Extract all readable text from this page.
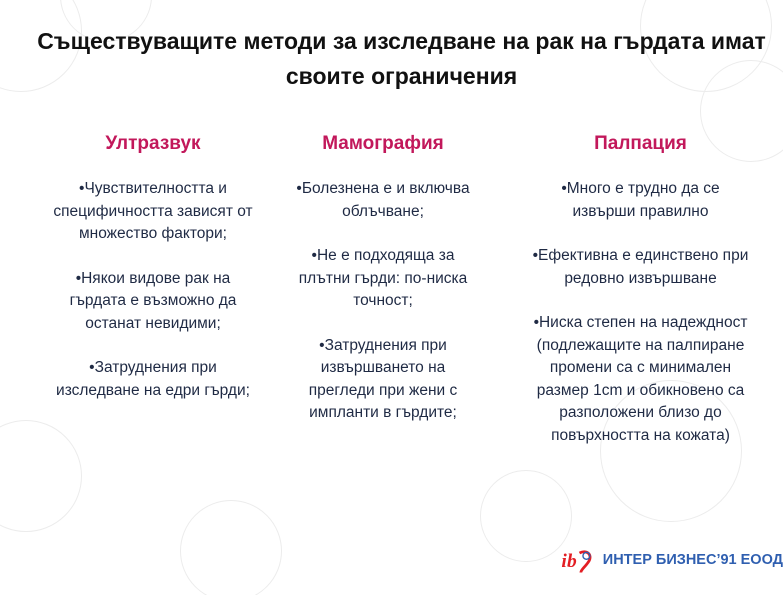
Съществуващите методи за изследване на рак на гърдата имат своите ограничения
Ултразвук
•Чувствителността и
специфичността зависят от
множество фактори;
•Някои видове рак на
гърдата е възможно да
останат невидими;
•Затруднения при
изследване на едри гърди;
Мамография
•Болезнена е и включва
облъчване;
•Не е подходяща за
плътни гърди: по-ниска
точност;
•Затруднения при
извършването на
прегледи при жени с
импланти в гърдите;
Палпация
•Много е трудно да се
извърши правилно
•Ефективна е единствено при
редовно извършване
•Ниска степен на надеждност
(подлежащите на палпиране
промени са с минимален
размер 1cm и обикновено са
разположени близо до
повърхността на кожата)
i b ИНТЕР БИЗНЕС’91 ЕООД
